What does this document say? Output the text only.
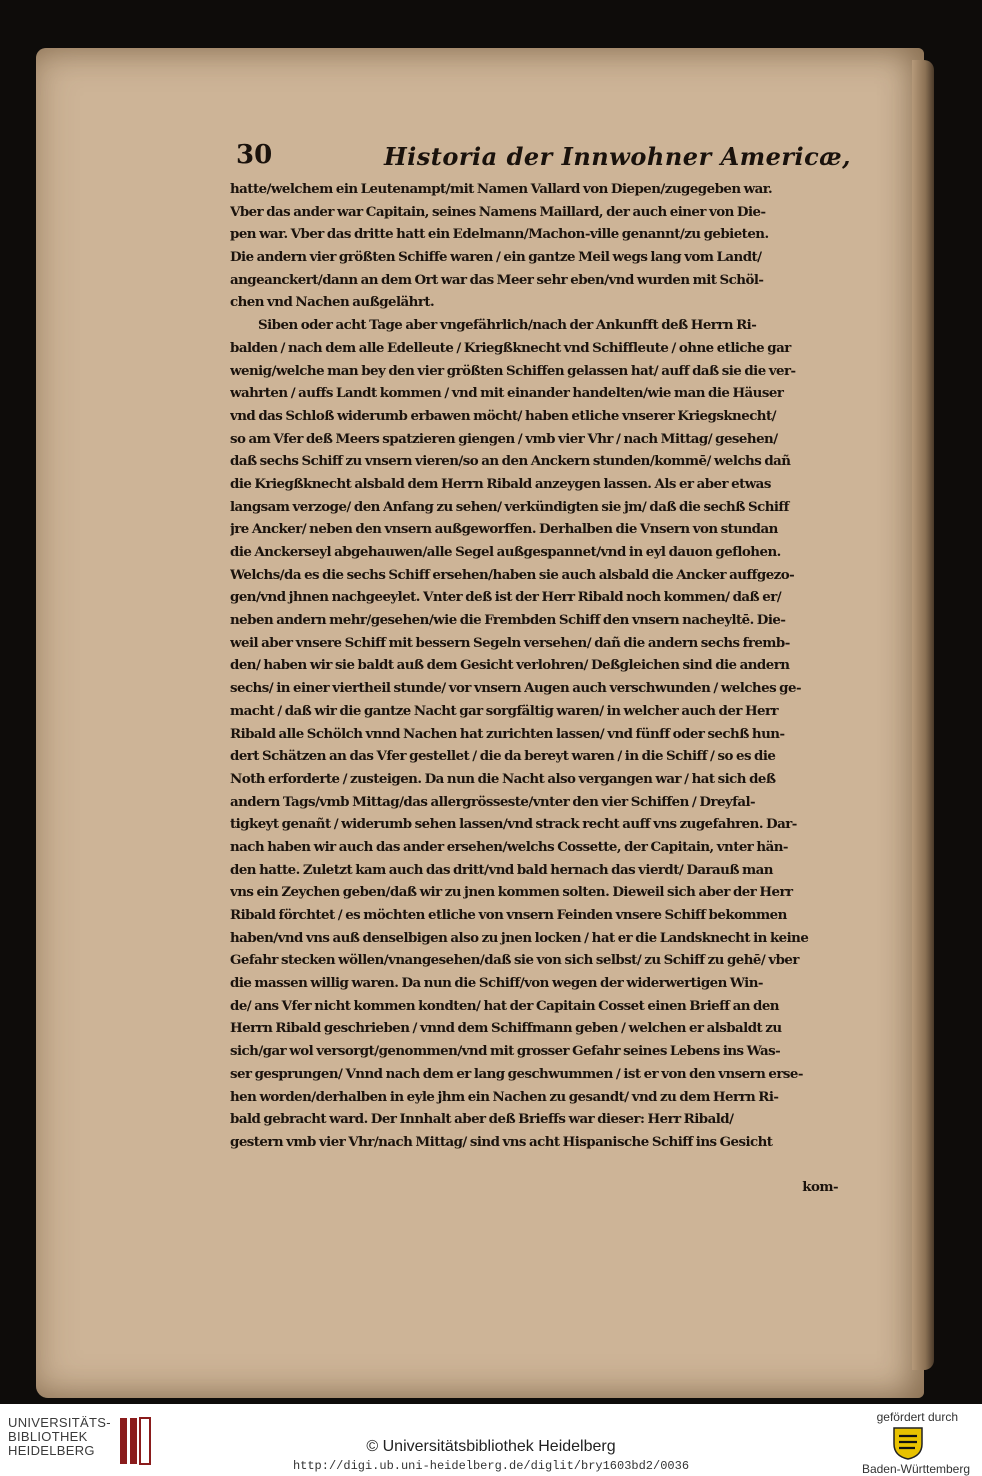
30	Historia der Innwohner Americæ,
hatte/welchem ein Leutenampt/mit Namen Vallard von Diepen/zugegeben war.
Vber das ander war Capitain, seines Namens Maillard, der auch einer von Die-
pen war. Vber das dritte hatt ein Edelmann/Machon-ville genannt/zu gebieten.
Die andern vier größten Schiffe waren / ein gantze Meil wegs lang vom Landt/
angeanckert/dann an dem Ort war das Meer sehr eben/vnd wurden mit Schöl-
chen vnd Nachen außgelährt.
Siben oder acht Tage aber vngefährlich/nach der Ankunfft deß Herrn Ri-
balden / nach dem alle Edelleute / Kriegßknecht vnd Schiffleute / ohne etliche gar
wenig/welche man bey den vier größten Schiffen gelassen hat/ auff daß sie die ver-
wahrten / auffs Landt kommen / vnd mit einander handelten/wie man die Häuser
vnd das Schloß widerumb erbawen möcht/ haben etliche vnserer Kriegsknecht/
so am Vfer deß Meers spatzieren giengen / vmb vier Vhr / nach Mittag/ gesehen/
daß sechs Schiff zu vnsern vieren/so an den Anckern stunden/kommē/ welchs dañ
die Kriegßknecht alsbald dem Herrn Ribald anzeygen lassen. Als er aber etwas
langsam verzoge/ den Anfang zu sehen/ verkündigten sie jm/ daß die sechß Schiff
jre Ancker/ neben den vnsern außgeworffen. Derhalben die Vnsern von stundan
die Anckerseyl abgehauwen/alle Segel außgespannet/vnd in eyl dauon geflohen.
Welchs/da es die sechs Schiff ersehen/haben sie auch alsbald die Ancker auffgezo-
gen/vnd jhnen nachgeeylet. Vnter deß ist der Herr Ribald noch kommen/ daß er/
neben andern mehr/gesehen/wie die Frembden Schiff den vnsern nacheyltē. Die-
weil aber vnsere Schiff mit bessern Segeln versehen/ dañ die andern sechs fremb-
den/ haben wir sie baldt auß dem Gesicht verlohren/ Deßgleichen sind die andern
sechs/ in einer viertheil stunde/ vor vnsern Augen auch verschwunden / welches ge-
macht / daß wir die gantze Nacht gar sorgfältig waren/ in welcher auch der Herr
Ribald alle Schölch vnnd Nachen hat zurichten lassen/ vnd fünff oder sechß hun-
dert Schätzen an das Vfer gestellet / die da bereyt waren / in die Schiff / so es die
Noth erforderte / zusteigen. Da nun die Nacht also vergangen war / hat sich deß
andern Tags/vmb Mittag/das allergrösseste/vnter den vier Schiffen / Dreyfal-
tigkeyt genañt / widerumb sehen lassen/vnd strack recht auff vns zugefahren. Dar-
nach haben wir auch das ander ersehen/welchs Cossette, der Capitain, vnter hän-
den hatte. Zuletzt kam auch das dritt/vnd bald hernach das vierdt/ Darauß man
vns ein Zeychen geben/daß wir zu jnen kommen solten. Dieweil sich aber der Herr
Ribald förchtet / es möchten etliche von vnsern Feinden vnsere Schiff bekommen
haben/vnd vns auß denselbigen also zu jnen locken / hat er die Landsknecht in keine
Gefahr stecken wöllen/vnangesehen/daß sie von sich selbst/ zu Schiff zu gehē/ vber
die massen willig waren. Da nun die Schiff/von wegen der widerwertigen Win-
de/ ans Vfer nicht kommen kondten/ hat der Capitain Cosset einen Brieff an den
Herrn Ribald geschrieben / vnnd dem Schiffmann geben / welchen er alsbaldt zu
sich/gar wol versorgt/genommen/vnd mit grosser Gefahr seines Lebens ins Was-
ser gesprungen/ Vnnd nach dem er lang geschwummen / ist er von den vnsern erse-
hen worden/derhalben in eyle jhm ein Nachen zu gesandt/ vnd zu dem Herrn Ri-
bald gebracht ward. Der Innhalt aber deß Brieffs war dieser: Herr Ribald/
gestern vmb vier Vhr/nach Mittag/ sind vns acht Hispanische Schiff ins Gesicht
kom-
UNIVERSITÄTS-
BIBLIOTHEK
HEIDELBERG	© Universitätsbibliothek Heidelberg
http://digi.ub.uni-heidelberg.de/diglit/bry1603bd2/0036
gefördert durch
Baden-Württemberg
